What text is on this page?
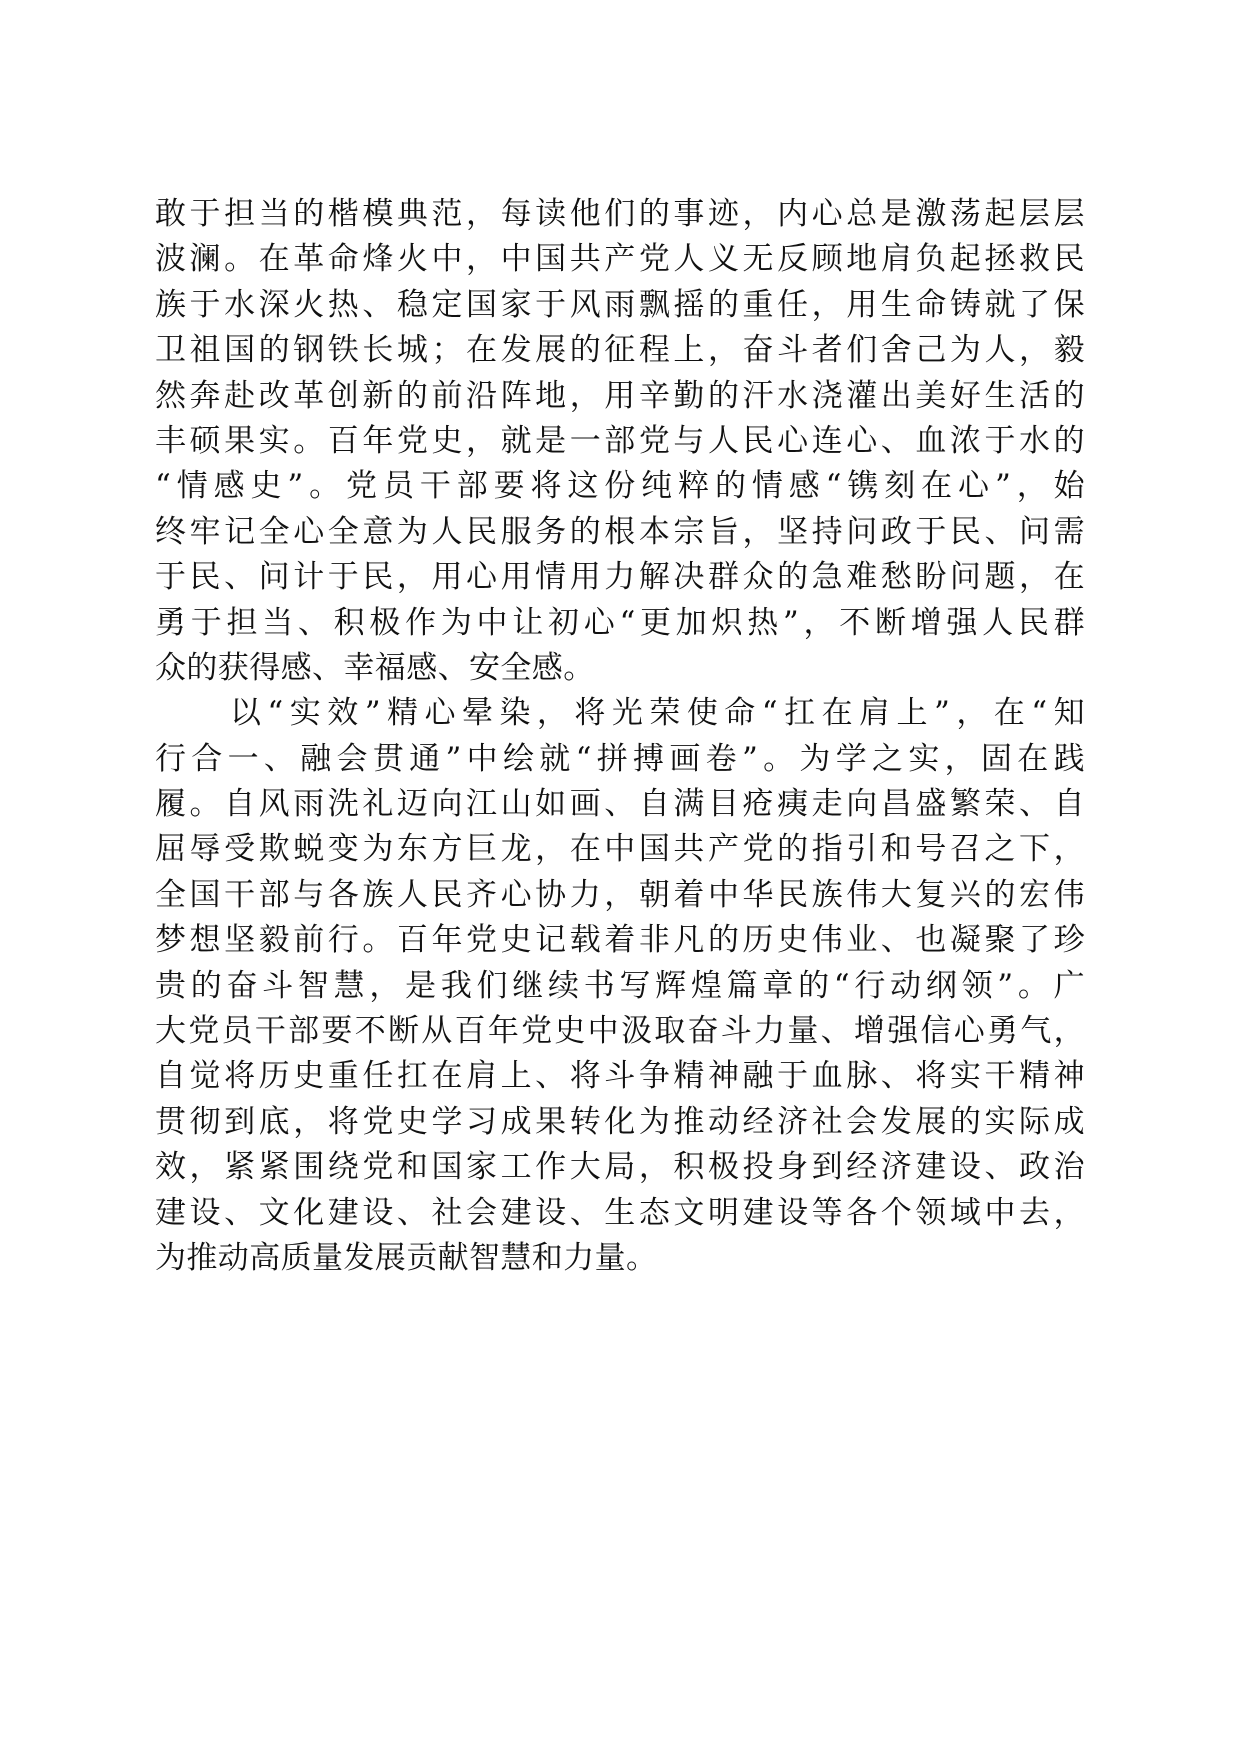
敢于担当的楷模典范，每读他们的事迹，内心总是激荡起层层
波澜。在革命烽火中，中国共产党人义无反顾地肩负起拯救民
族于水深火热、稳定国家于风雨飘摇的重任，用生命铸就了保
卫祖国的钢铁长城；在发展的征程上，奋斗者们舍己为人，毅
然奔赴改革创新的前沿阵地，用辛勤的汗水浇灌出美好生活的
丰硕果实。百年党史，就是一部党与人民心连心、血浓于水的
“情感史”。党员干部要将这份纯粹的情感“镌刻在心”，始
终牢记全心全意为人民服务的根本宗旨，坚持问政于民、问需
于民、问计于民，用心用情用力解决群众的急难愁盼问题，在
勇于担当、积极作为中让初心“更加炽热”，不断增强人民群
众的获得感、幸福感、安全感。
　　以“实效”精心晕染，将光荣使命“扛在肩上”，在“知
行合一、融会贯通”中绘就“拼搏画卷”。为学之实，固在践
履。自风雨洗礼迈向江山如画、自满目疮痍走向昌盛繁荣、自
屈辱受欺蜕变为东方巨龙，在中国共产党的指引和号召之下，
全国干部与各族人民齐心协力，朝着中华民族伟大复兴的宏伟
梦想坚毅前行。百年党史记载着非凡的历史伟业、也凝聚了珍
贵的奋斗智慧，是我们继续书写辉煌篇章的“行动纲领”。广
大党员干部要不断从百年党史中汲取奋斗力量、增强信心勇气，
自觉将历史重任扛在肩上、将斗争精神融于血脉、将实干精神
贯彻到底，将党史学习成果转化为推动经济社会发展的实际成
效，紧紧围绕党和国家工作大局，积极投身到经济建设、政治
建设、文化建设、社会建设、生态文明建设等各个领域中去，
为推动高质量发展贡献智慧和力量。
